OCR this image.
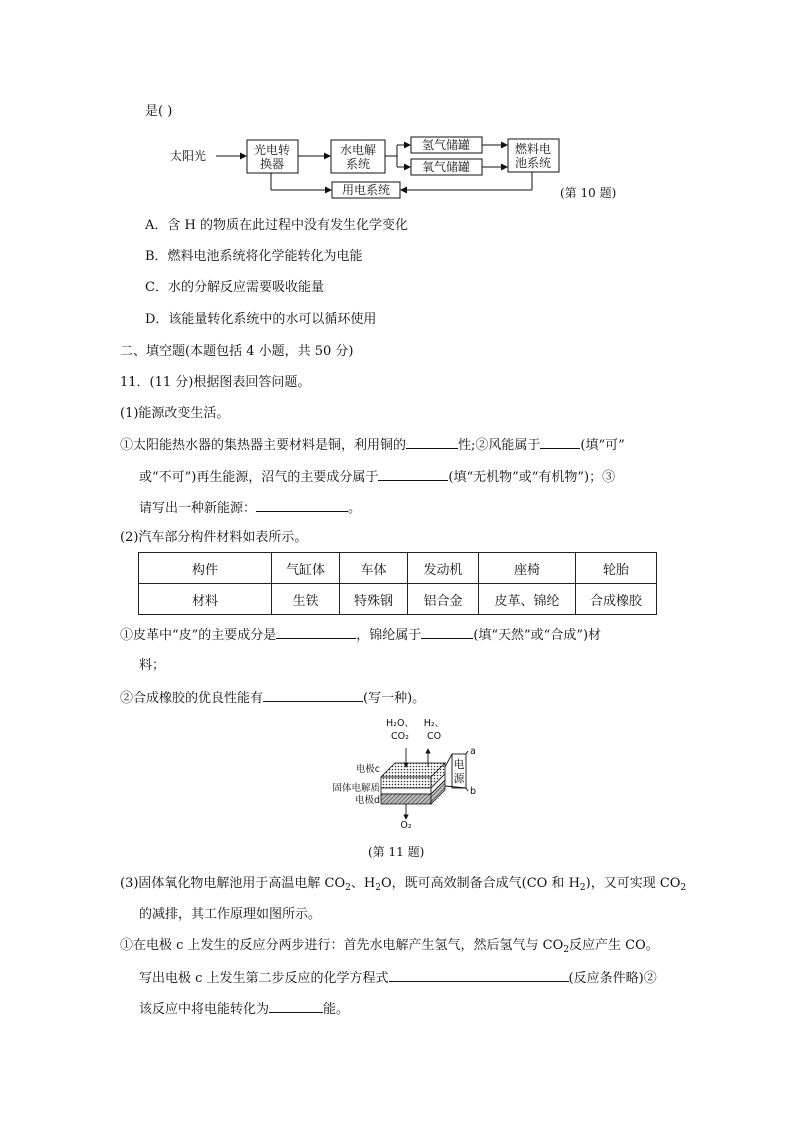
是( )
太阳光	光电转
换器
水电解
系统
氢气储罐
氧气储罐
燃料电
池系统
用电系统	(第 10 题)
A．含 H 的物质在此过程中没有发生化学变化
B．燃料电池系统将化学能转化为电能
C．水的分解反应需要吸收能量
D．该能量转化系统中的水可以循环使用
二、填空题(本题包括 4 小题，共 50 分)
11．(11 分)根据图表回答问题。
(1)能源改变生活。
①太阳能热水器的集热器主要材料是铜，利用铜的	性;②风能属于	(填“可”
或“不可”)再生能源，沼气的主要成分属于	(填“无机物”或“有机物”)；③
请写出一种新能源：	。
(2)汽车部分构件材料如表所示。
构件	气缸体	车体	发动机	座椅	轮胎
材料	生铁	特殊钢	铝合金	皮革、锦纶	合成橡胶
①皮革中“皮”的主要成分是	，锦纶属于	(填“天然”或“合成”)材
料；
②合成橡胶的优良性能有	(写一种)。
H₂O、
CO₂
H₂、
CO
电极c
固体电解质
电极d
O₂
电
源
a
b
(第 11 题)
(3)固体氧化物电解池用于高温电解 $CO_2$、$H_2O$，既可高效制备合成气(CO 和 $H_2$)，又可实现 $CO_2$
的减排，其工作原理如图所示。
①在电极 c 上发生的反应分两步进行：首先水电解产生氢气，然后氢气与 $CO_2$反应产生 CO。
写出电极 c 上发生第二步反应的化学方程式	(反应条件略)②
该反应中将电能转化为	能。
